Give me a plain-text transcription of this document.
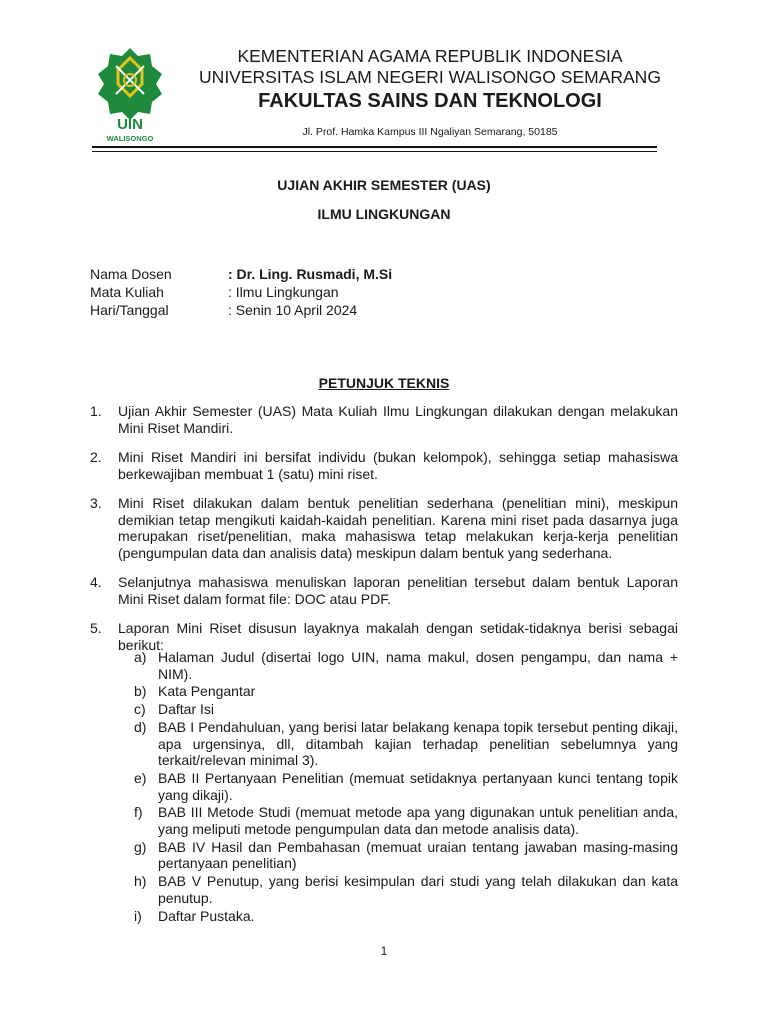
UIN
WALISONGO
KEMENTERIAN AGAMA REPUBLIK INDONESIA
UNIVERSITAS ISLAM NEGERI WALISONGO SEMARANG
FAKULTAS SAINS DAN TEKNOLOGI
Jl. Prof. Hamka Kampus III Ngaliyan Semarang, 50185
UJIAN AKHIR SEMESTER (UAS)
ILMU LINGKUNGAN
Nama Dosen	: Dr. Ling. Rusmadi, M.Si
Mata Kuliah	: Ilmu Lingkungan
Hari/Tanggal	: Senin 10 April 2024
PETUNJUK TEKNIS
1.	Ujian Akhir Semester (UAS) Mata Kuliah Ilmu Lingkungan dilakukan dengan melakukan Mini Riset Mandiri.
2.	Mini Riset Mandiri ini bersifat individu (bukan kelompok), sehingga setiap mahasiswa berkewajiban membuat 1 (satu) mini riset.
3.	Mini Riset dilakukan dalam bentuk penelitian sederhana (penelitian mini), meskipun demikian tetap mengikuti kaidah-kaidah penelitian. Karena mini riset pada dasarnya juga merupakan riset/penelitian, maka mahasiswa tetap melakukan kerja-kerja penelitian (pengumpulan data dan analisis data) meskipun dalam bentuk yang sederhana.
4.	Selanjutnya mahasiswa menuliskan laporan penelitian tersebut dalam bentuk Laporan Mini Riset dalam format file: DOC atau PDF.
5.	Laporan Mini Riset disusun layaknya makalah dengan setidak-tidaknya berisi sebagai berikut:
a) Halaman Judul (disertai logo UIN, nama makul, dosen pengampu, dan nama + NIM).
b) Kata Pengantar
c) Daftar Isi
d) BAB I Pendahuluan, yang berisi latar belakang kenapa topik tersebut penting dikaji, apa urgensinya, dll, ditambah kajian terhadap penelitian sebelumnya yang terkait/relevan minimal 3).
e) BAB II Pertanyaan Penelitian (memuat setidaknya pertanyaan kunci tentang topik yang dikaji).
f)	BAB III Metode Studi (memuat metode apa yang digunakan untuk penelitian anda, yang meliputi metode pengumpulan data dan metode analisis data).
g) BAB IV Hasil dan Pembahasan (memuat uraian tentang jawaban masing-masing pertanyaan penelitian)
h) BAB V Penutup, yang berisi kesimpulan dari studi yang telah dilakukan dan kata penutup.
i)	Daftar Pustaka.
1
